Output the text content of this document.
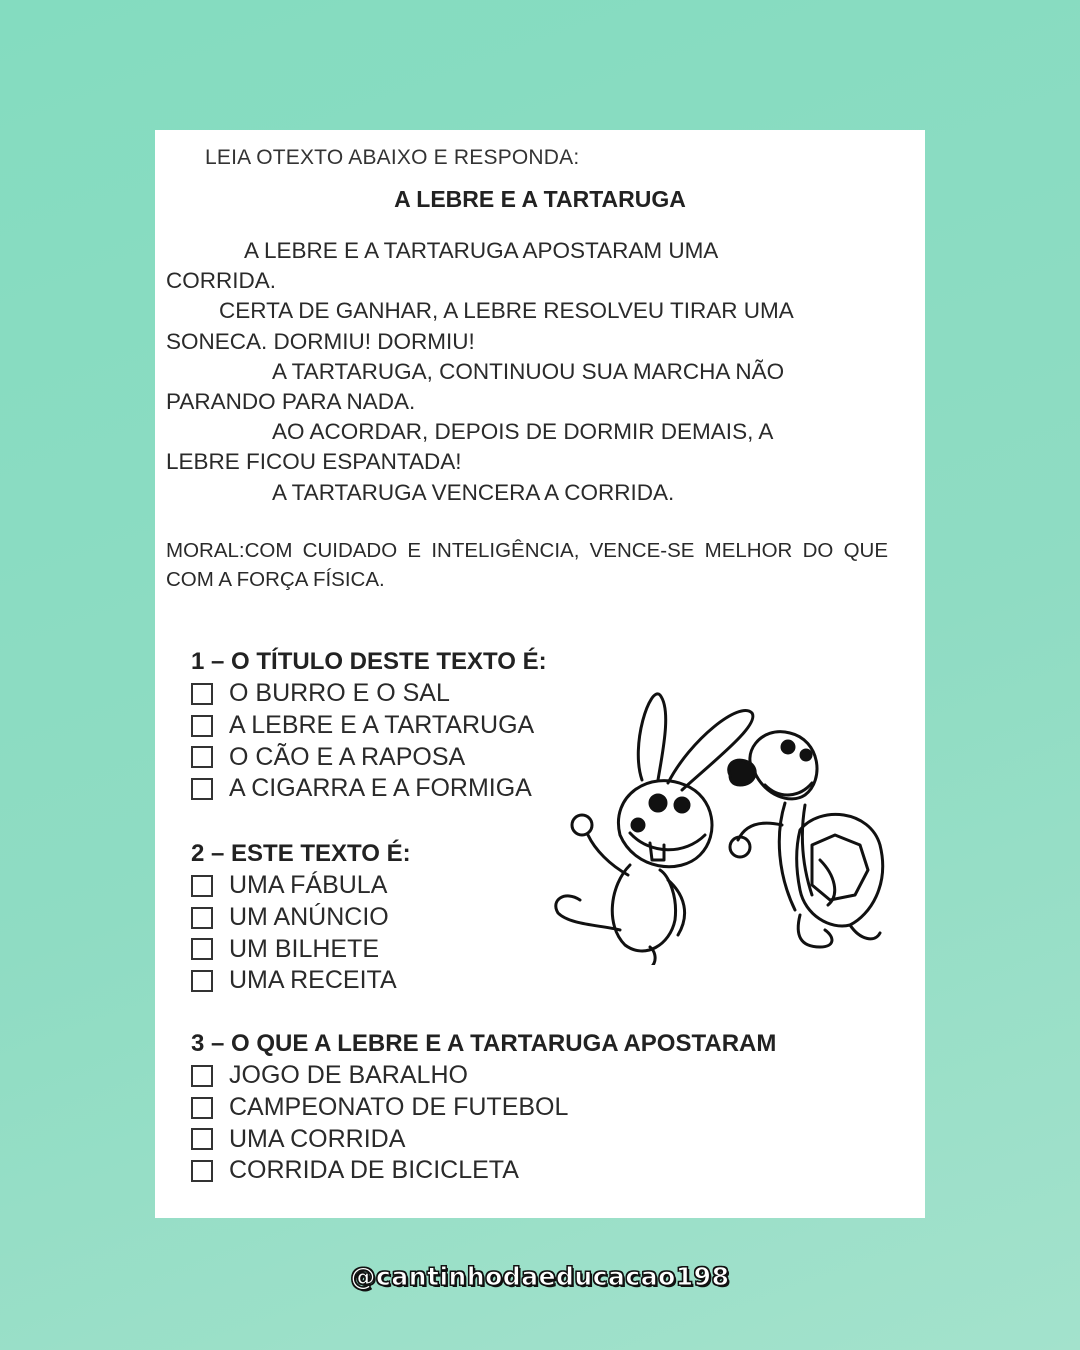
LEIA OTEXTO ABAIXO E RESPONDA:
A LEBRE E A TARTARUGA

A LEBRE E A TARTARUGA APOSTARAM UMA

CORRIDA.

CERTA DE GANHAR, A LEBRE RESOLVEU TIRAR UMA

SONECA. DORMIU! DORMIU!

A TARTARUGA, CONTINUOU SUA MARCHA NÃO

PARANDO PARA NADA.

AO ACORDAR, DEPOIS DE DORMIR DEMAIS, A

LEBRE FICOU ESPANTADA!

A TARTARUGA VENCERA A CORRIDA.

MORAL:COM CUIDADO E INTELIGÊNCIA, VENCE-SE MELHOR DO QUE COM A FORÇA FÍSICA.
1 – O TÍTULO DESTE TEXTO É:
O BURRO E O SAL
A LEBRE E A TARTARUGA
O CÃO E A RAPOSA
A CIGARRA E A FORMIGA
2 – ESTE TEXTO É:
UMA FÁBULA
UM ANÚNCIO
UM BILHETE
UMA RECEITA
3 – O QUE A LEBRE E A TARTARUGA APOSTARAM
JOGO DE BARALHO
CAMPEONATO DE FUTEBOL
UMA CORRIDA
CORRIDA DE BICICLETA
@cantinhodaeducacao198
